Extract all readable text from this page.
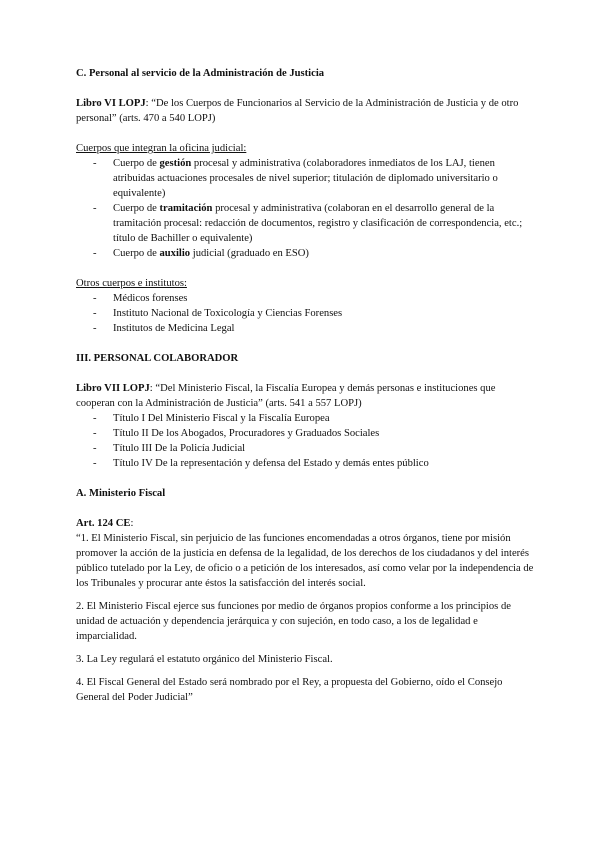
C. Personal al servicio de la Administración de Justicia

Libro VI LOPJ: “De los Cuerpos de Funcionarios al Servicio de la Administración de Justicia y de otro personal” (arts. 470 a 540 LOPJ)

Cuerpos que integran la oficina judicial:

- Cuerpo de gestión procesal y administrativa (colaboradores inmediatos de los LAJ, tienen atribuidas actuaciones procesales de nivel superior; titulación de diplomado universitario o equivalente)
- Cuerpo de tramitación procesal y administrativa (colaboran en el desarrollo general de la tramitación procesal: redacción de documentos, registro y clasificación de correspondencia, etc.; título de Bachiller o equivalente)
- Cuerpo de auxilio judicial (graduado en ESO)

Otros cuerpos e institutos:

- Médicos forenses
- Instituto Nacional de Toxicología y Ciencias Forenses
- Institutos de Medicina Legal

III. PERSONAL COLABORADOR

Libro VII LOPJ: “Del Ministerio Fiscal, la Fiscalía Europea y demás personas e instituciones que cooperan con la Administración de Justicia” (arts. 541 a 557 LOPJ)

- Título I Del Ministerio Fiscal y la Fiscalía Europea
- Título II De los Abogados, Procuradores y Graduados Sociales
- Título III De la Policía Judicial
- Título IV De la representación y defensa del Estado y demás entes público

A. Ministerio Fiscal

Art. 124 CE:

“1. El Ministerio Fiscal, sin perjuicio de las funciones encomendadas a otros órganos, tiene por misión promover la acción de la justicia en defensa de la legalidad, de los derechos de los ciudadanos y del interés público tutelado por la Ley, de oficio o a petición de los interesados, así como velar por la independencia de los Tribunales y procurar ante éstos la satisfacción del interés social.

2. El Ministerio Fiscal ejerce sus funciones por medio de órganos propios conforme a los principios de unidad de actuación y dependencia jerárquica y con sujeción, en todo caso, a los de legalidad e imparcialidad.

3. La Ley regulará el estatuto orgánico del Ministerio Fiscal.

4. El Fiscal General del Estado será nombrado por el Rey, a propuesta del Gobierno, oído el Consejo General del Poder Judicial”
